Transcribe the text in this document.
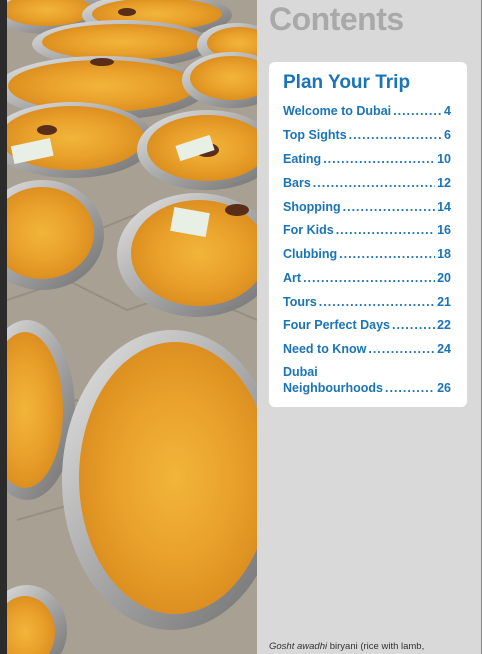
Contents
Plan Your Trip
Welcome to Dubai .....	4
Top Sights .....	6
Eating .....	10
Bars .....	12
Shopping .....	14
For Kids .....	16
Clubbing .....	18
Art .....	20
Tours .....	21
Four Perfect Days .....	22
Need to Know .....	24
Dubai
Neighbourhoods .....	26
Gosht awadhi biryani (rice with lamb,
